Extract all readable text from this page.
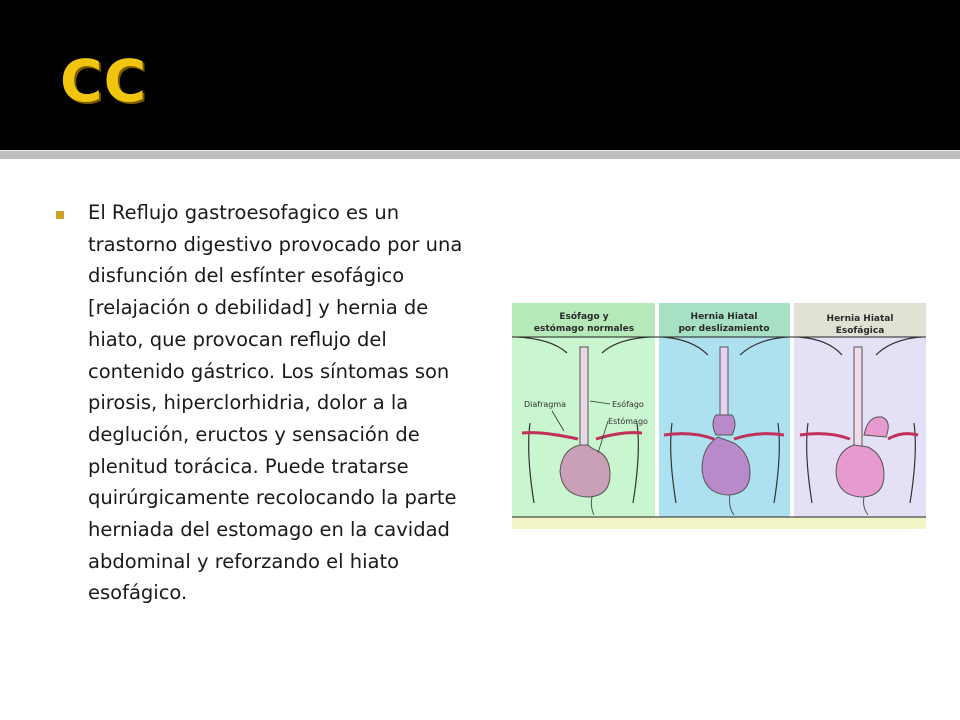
CC
El Reflujo gastroesofagico es un trastorno digestivo provocado por una disfunción del esfínter esofágico [relajación o debilidad] y hernia de hiato, que provocan reflujo del contenido gástrico. Los síntomas son pirosis, hiperclorhidria, dolor a la deglución, eructos y sensación de plenitud torácica. Puede tratarse quirúrgicamente recolocando la parte herniada del estomago en la cavidad abdominal y reforzando el hiato esofágico.
Esófago y
estómago normales
Hernia Hiatal
por deslizamiento
Hernia Hiatal
Esofágica
Diafragma	Esófago
Estómago
